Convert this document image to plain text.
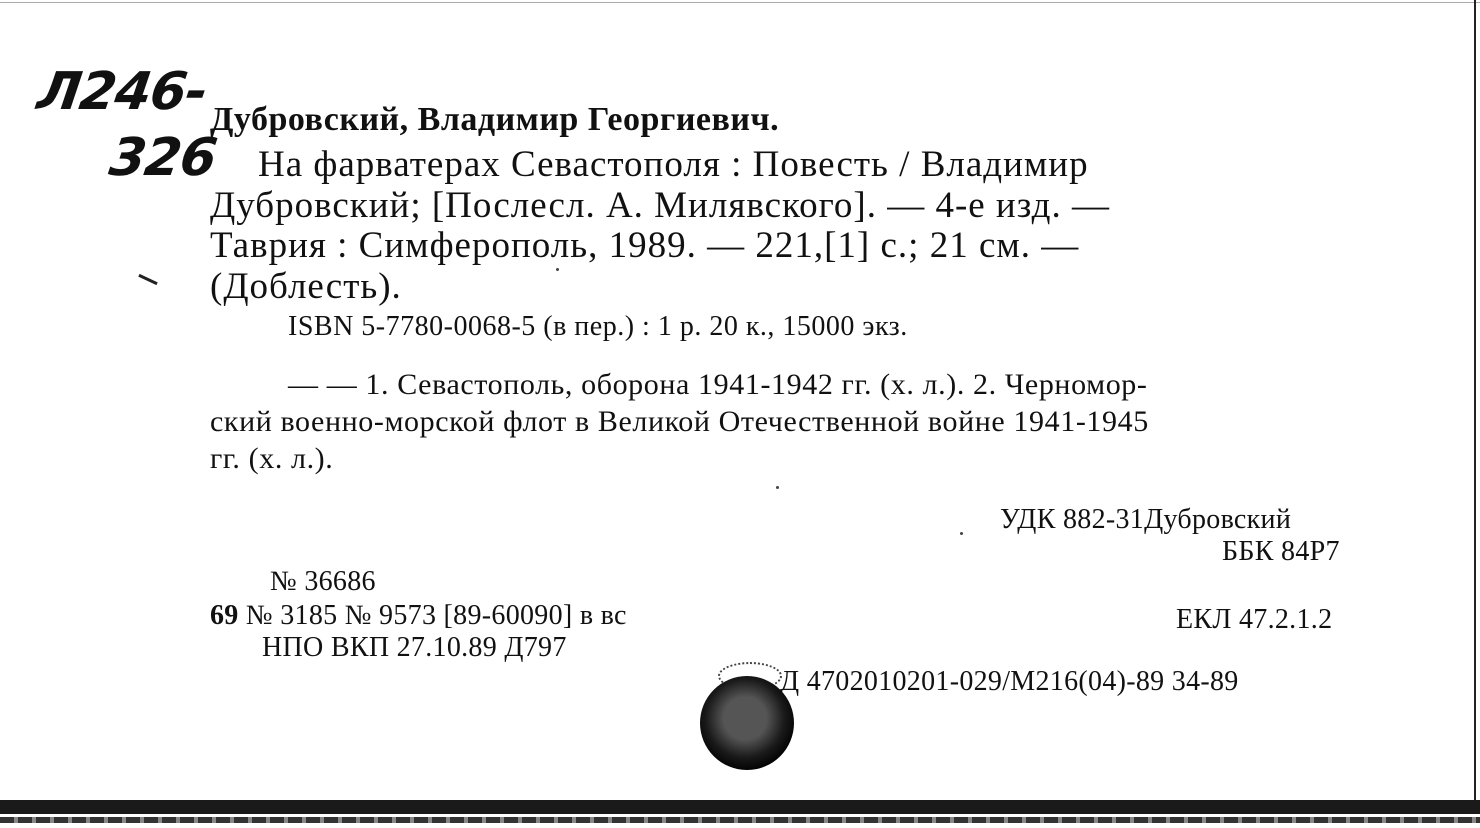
Л246-
326
Дубровский, Владимир Георгиевич.
На фарватерах Севастополя : Повесть / Владимир
Дубровский; [Послесл. А. Милявского]. — 4-е изд. —
Таврия : Симферополь, 1989. — 221,[1] с.; 21 см. —
(Доблесть).
ISBN 5-7780-0068-5 (в пер.) : 1 р. 20 к., 15000 экз.
— — 1. Севастополь, оборона 1941-1942 гг. (х. л.). 2. Черномор-
ский военно-морской флот в Великой Отечественной войне 1941-1945
гг. (х. л.).
УДК 882-31Дубровский
ББК 84Р7
№ 36686
69 № 3185 № 9573 [89-60090] в вс	ЕКЛ 47.2.1.2
НПО ВКП 27.10.89 Д797
Д 4702010201-029/М216(04)-89 34-89
